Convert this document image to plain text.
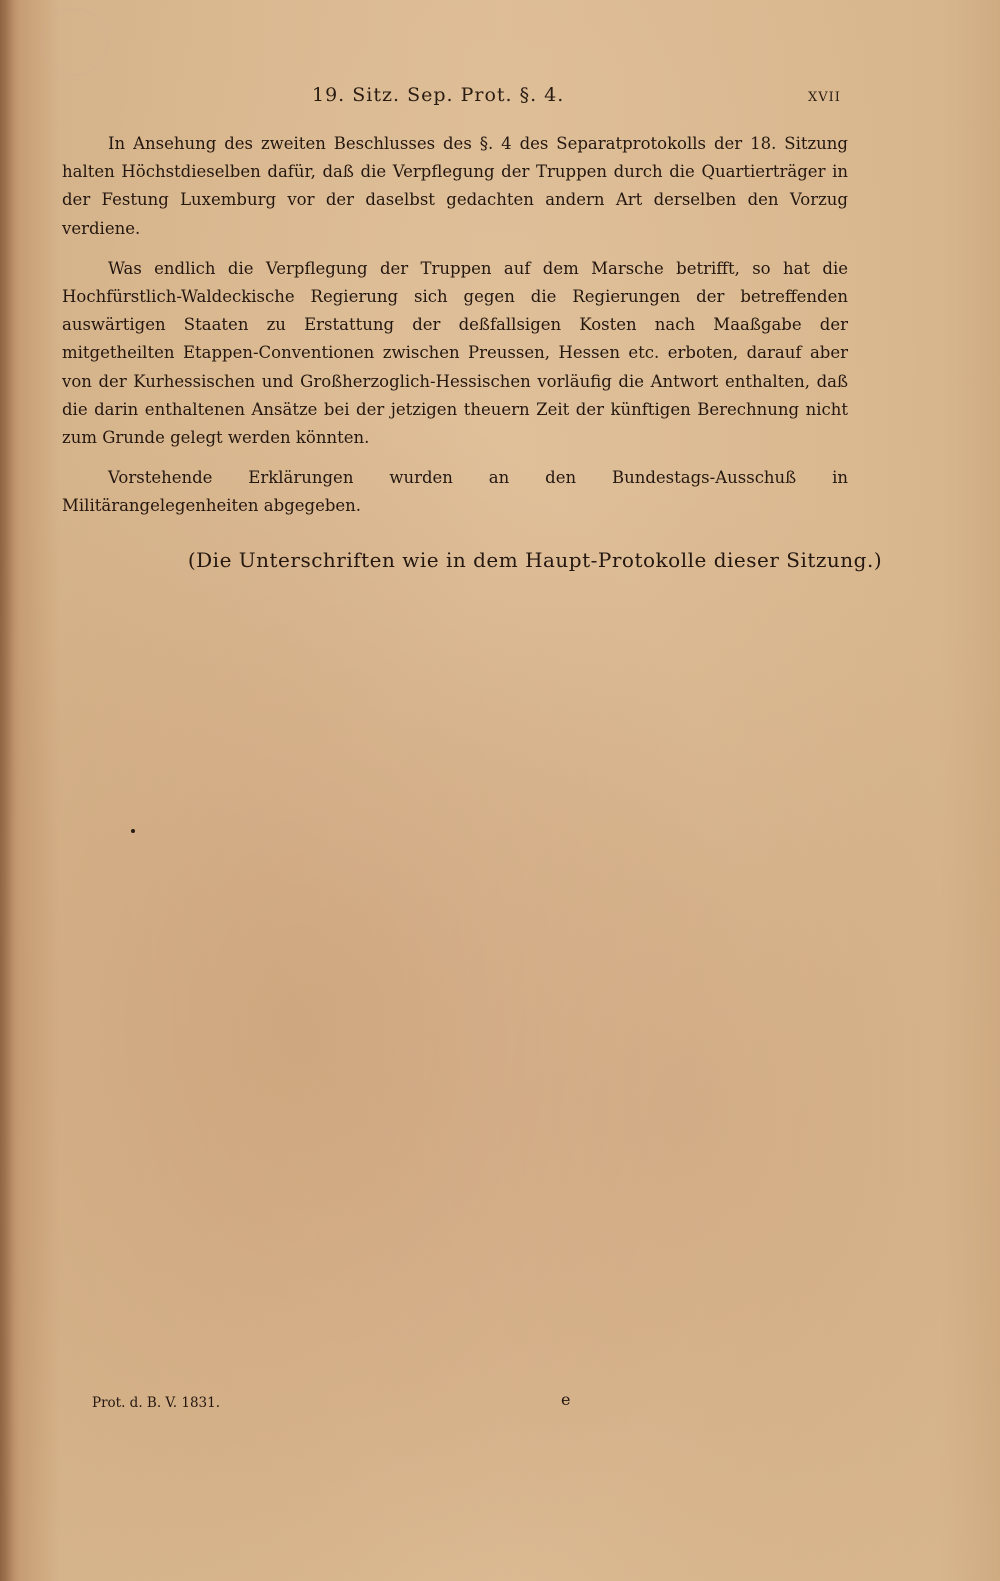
19. Sitz. Sep. Prot. §. 4.	XVII

In Ansehung des zweiten Beschlusses des §. 4 des Separatprotokolls der 18. Sitzung halten Höchstdieselben dafür, daß die Verpflegung der Truppen durch die Quartierträger in der Festung Luxemburg vor der daselbst gedachten andern Art derselben den Vorzug verdiene.

Was endlich die Verpflegung der Truppen auf dem Marsche betrifft, so hat die Hochfürstlich-Waldeckische Regierung sich gegen die Regierungen der betreffenden auswärtigen Staaten zu Erstattung der deßfallsigen Kosten nach Maaßgabe der mitgetheilten Etappen-Conventionen zwischen Preussen, Hessen etc. erboten, darauf aber von der Kurhessischen und Großherzoglich-Hessischen vorläufig die Antwort enthalten, daß die darin enthaltenen Ansätze bei der jetzigen theuern Zeit der künftigen Berechnung nicht zum Grunde gelegt werden könnten.

Vorstehende Erklärungen wurden an den Bundestags-Ausschuß in Militärangelegenheiten abgegeben.

(Die Unterschriften wie in dem Haupt-Protokolle dieser Sitzung.)
Prot. d. B. V. 1831.	e
